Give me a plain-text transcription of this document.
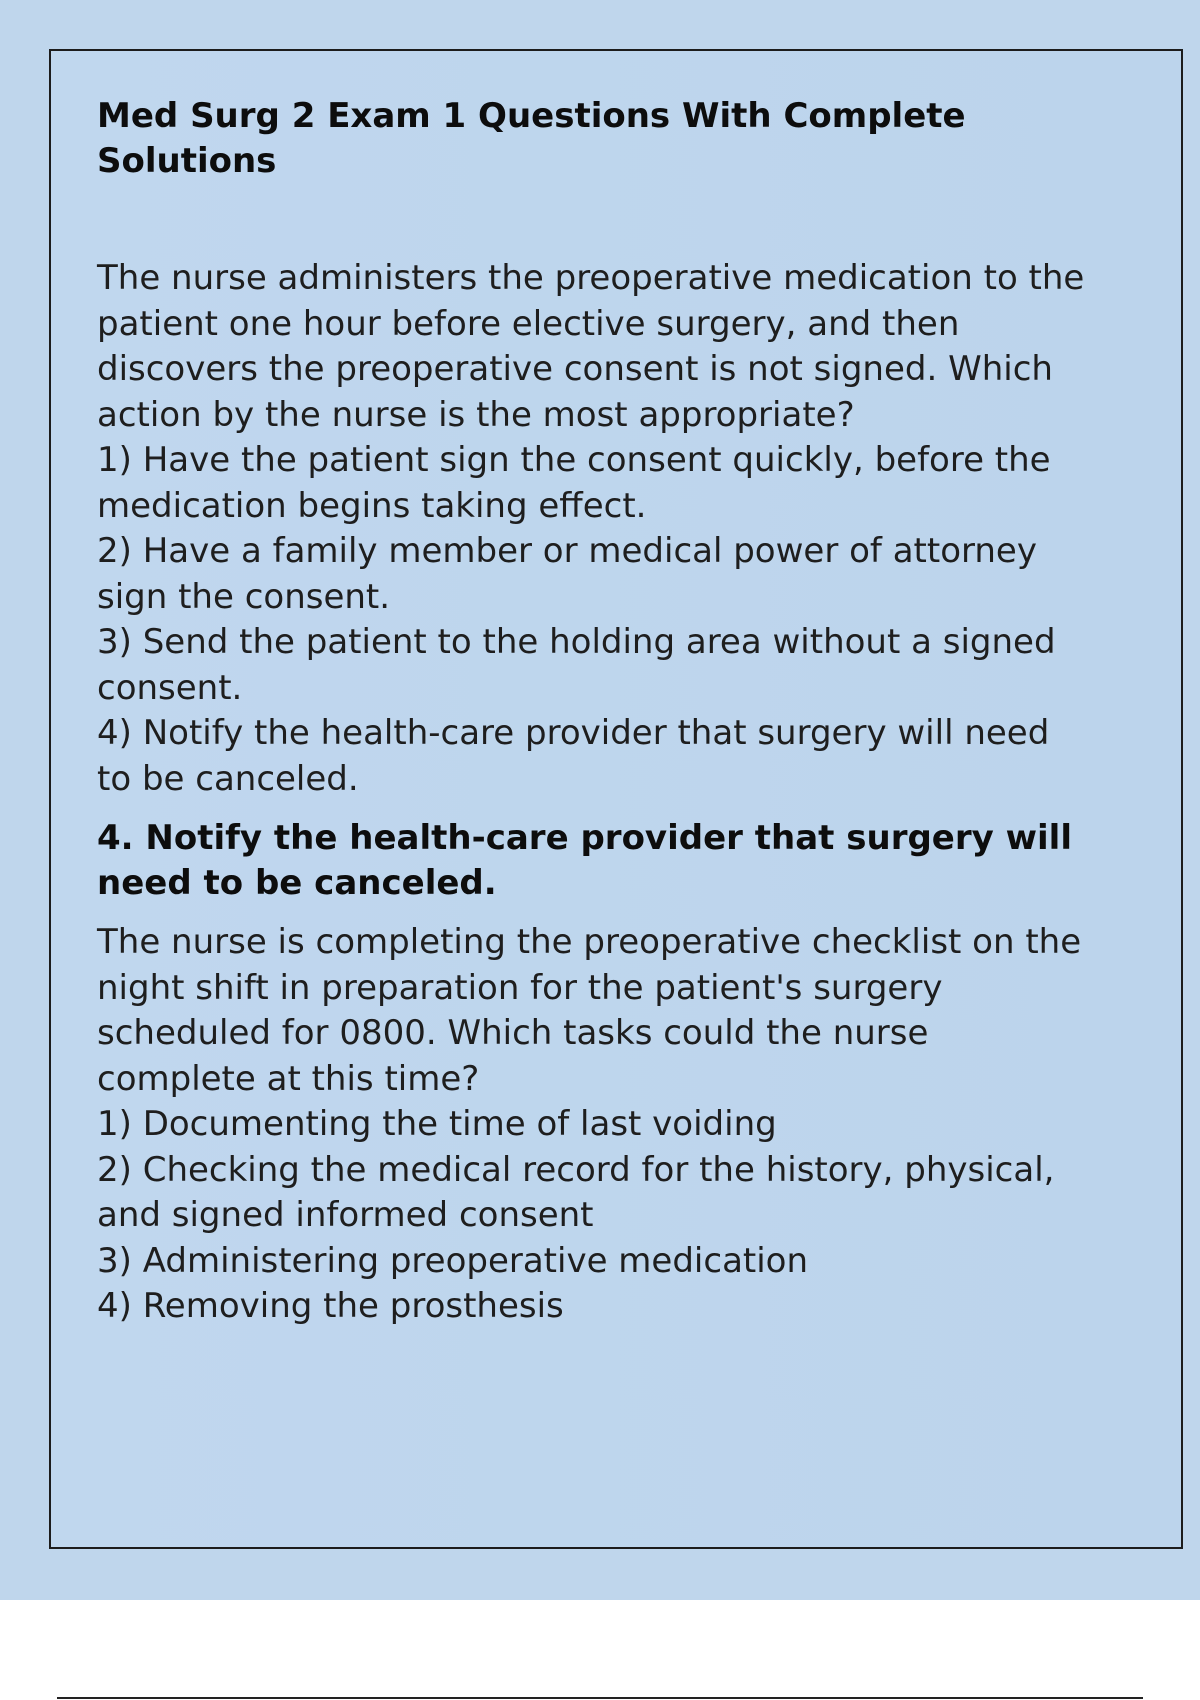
Med Surg 2 Exam 1 Questions With Complete Solutions
The nurse administers the preoperative medication to the patient one hour before elective surgery, and then discovers the preoperative consent is not signed. Which action by the nurse is the most appropriate?
1) Have the patient sign the consent quickly, before the medication begins taking effect.
2) Have a family member or medical power of attorney sign the consent.
3) Send the patient to the holding area without a signed consent.
4) Notify the health-care provider that surgery will need to be canceled.

4. Notify the health-care provider that surgery will need to be canceled.

The nurse is completing the preoperative checklist on the night shift in preparation for the patient's surgery scheduled for 0800. Which tasks could the nurse complete at this time?
1) Documenting the time of last voiding
2) Checking the medical record for the history, physical, and signed informed consent
3) Administering preoperative medication
4) Removing the prosthesis
